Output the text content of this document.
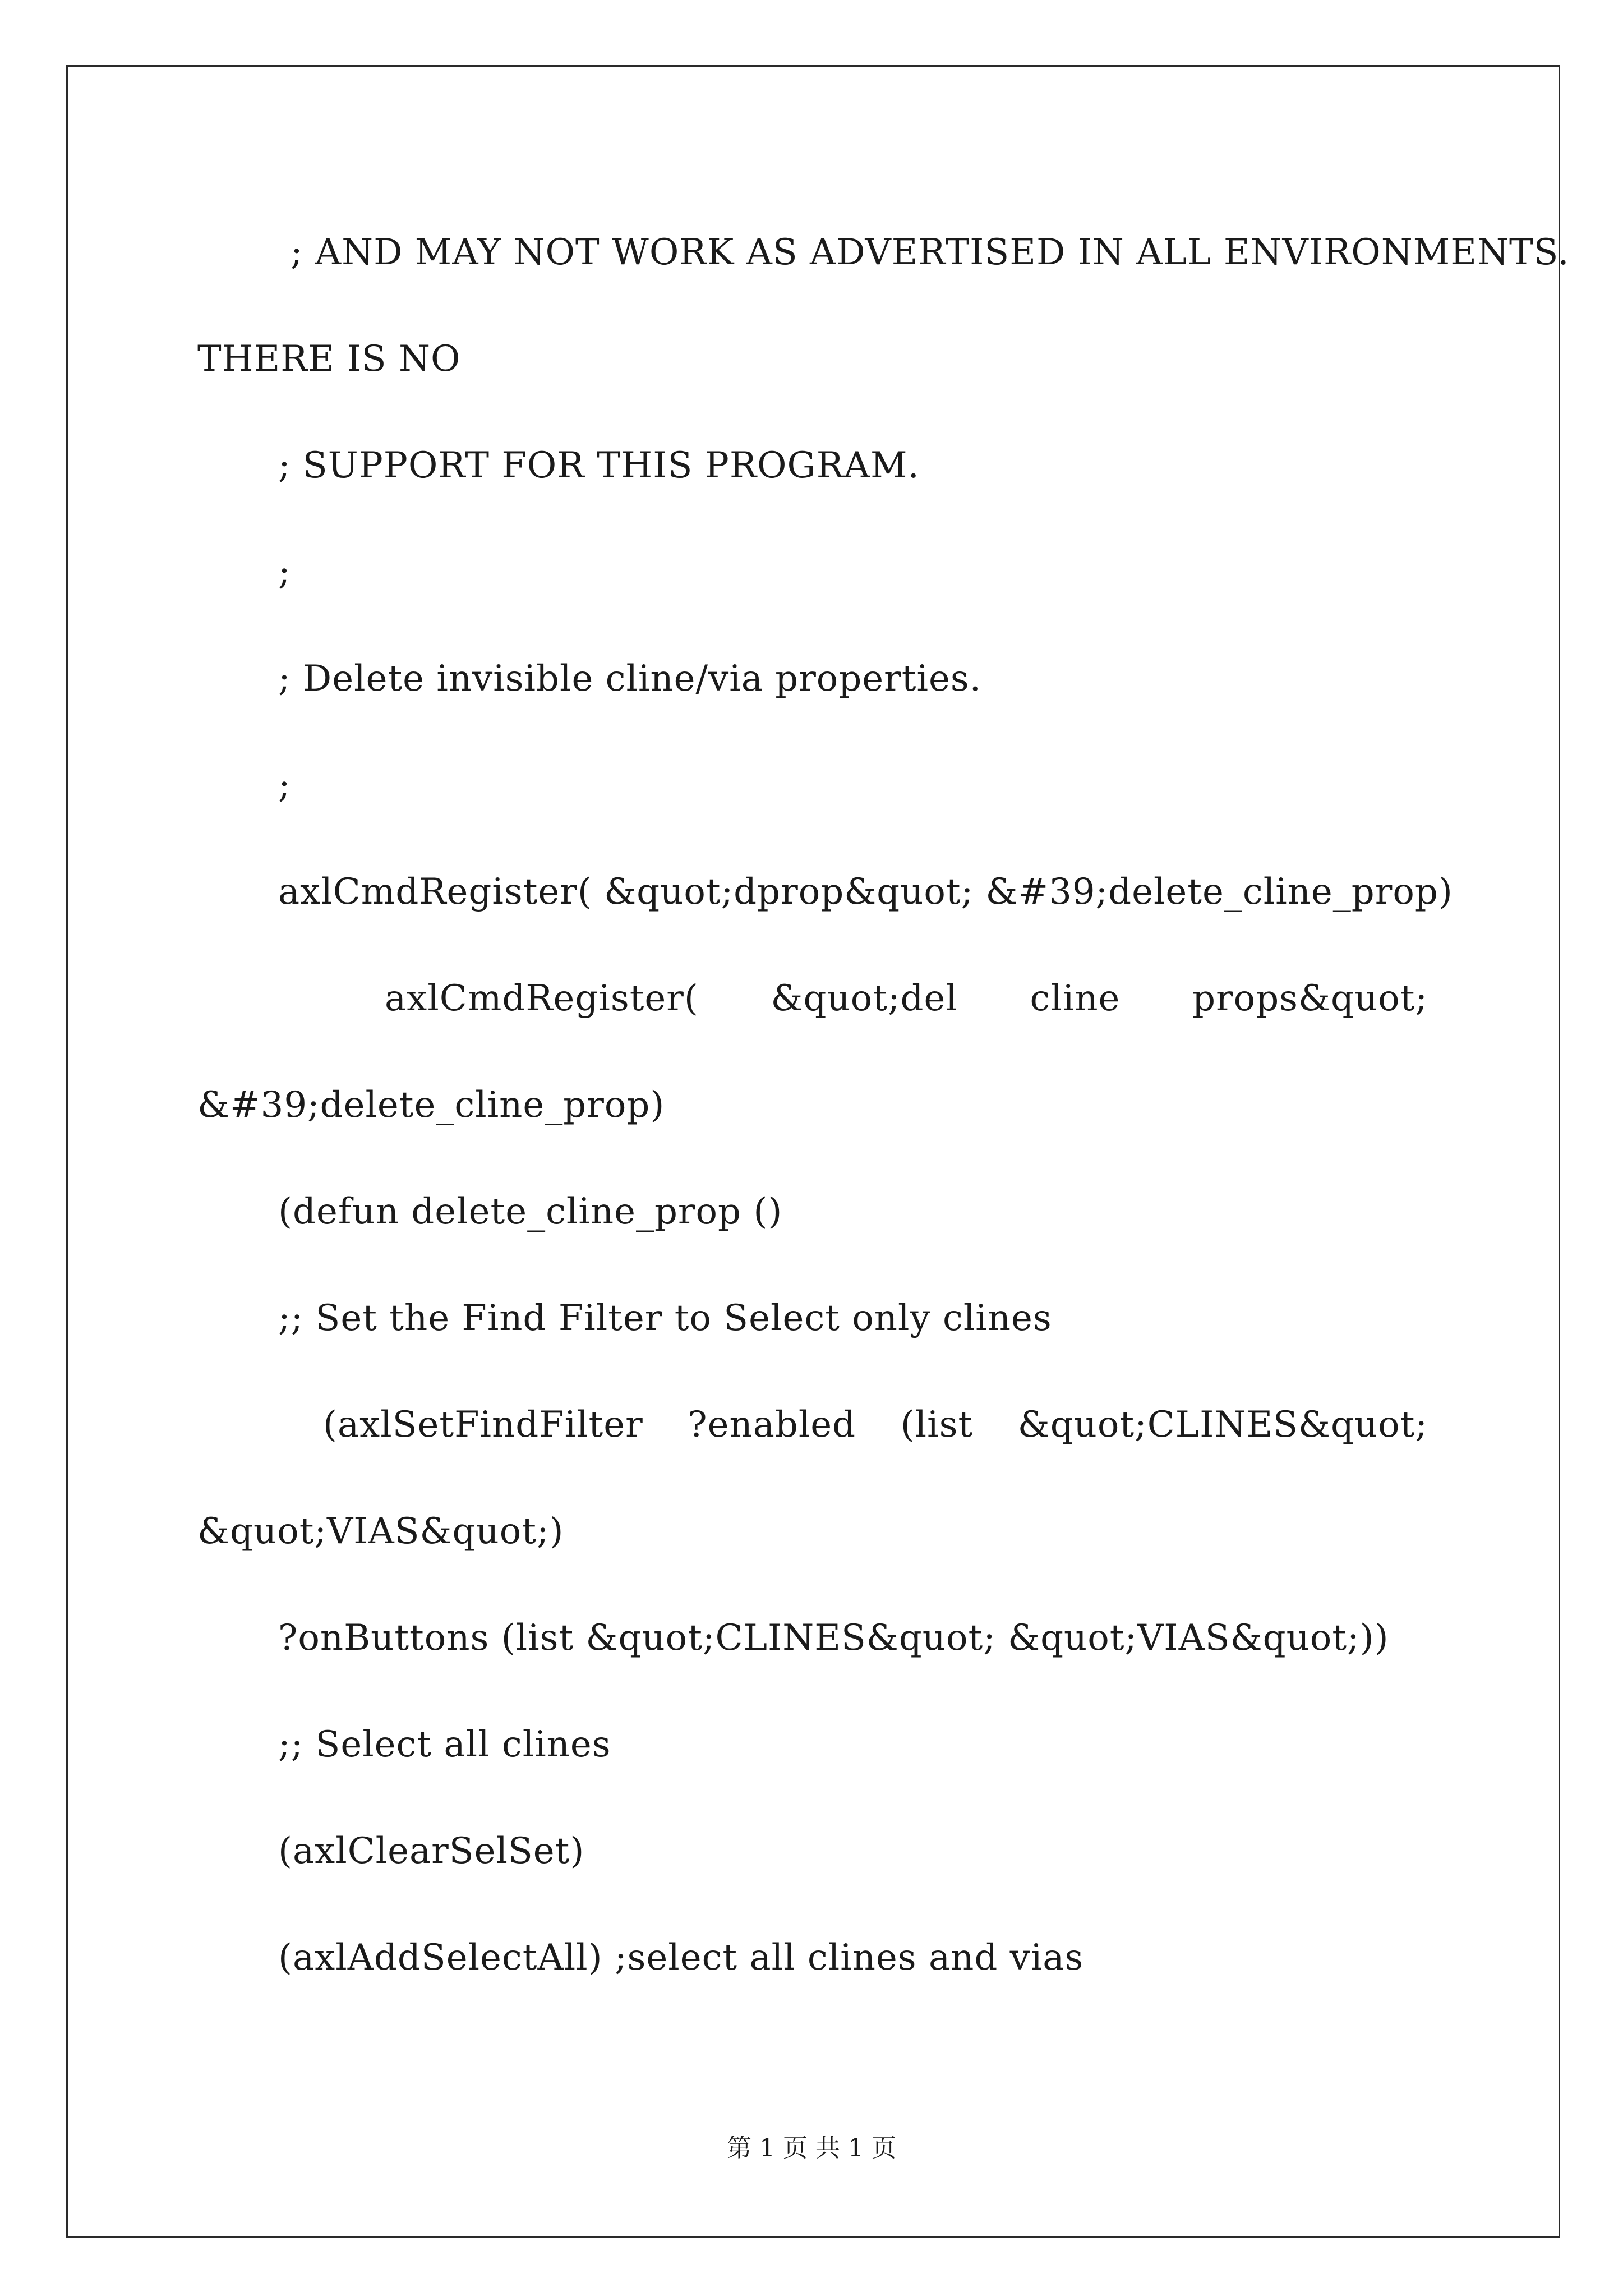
; AND MAY NOT WORK AS ADVERTISED IN ALL ENVIRONMENTS.

THERE IS NO

; SUPPORT FOR THIS PROGRAM.

;

; Delete invisible cline/via properties.

;

axlCmdRegister( &quot;dprop&quot; &#39;delete_cline_prop)

axlCmdRegister( &quot;del cline props&quot;

&#39;delete_cline_prop)

(defun delete_cline_prop ()

;; Set the Find Filter to Select only clines

(axlSetFindFilter ?enabled (list &quot;CLINES&quot;

&quot;VIAS&quot;)

?onButtons (list &quot;CLINES&quot; &quot;VIAS&quot;))

;; Select all clines

(axlClearSelSet)

(axlAddSelectAll) ;select all clines and vias

第 1 页 共 1 页
